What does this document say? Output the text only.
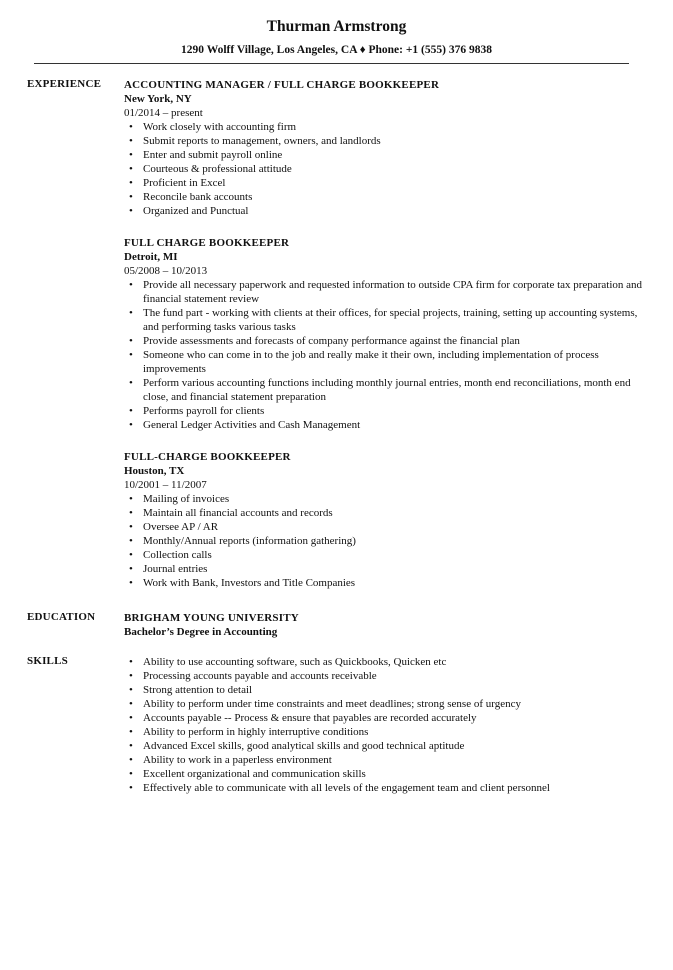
Thurman Armstrong
1290 Wolff Village, Los Angeles, CA ♦ Phone: +1 (555) 376 9838
EXPERIENCE ACCOUNTING MANAGER / FULL CHARGE BOOKKEEPER
New York, NY
01/2014 – present
• Work closely with accounting firm
• Submit reports to management, owners, and landlords
• Enter and submit payroll online
• Courteous & professional attitude
• Proficient in Excel
• Reconcile bank accounts
• Organized and Punctual
FULL CHARGE BOOKKEEPER
Detroit, MI
05/2008 – 10/2013
• Provide all necessary paperwork and requested information to outside CPA firm for corporate tax preparation and financial statement review
• The fund part - working with clients at their offices, for special projects, training, setting up accounting systems, and performing tasks various tasks
• Provide assessments and forecasts of company performance against the financial plan
• Someone who can come in to the job and really make it their own, including implementation of process improvements
• Perform various accounting functions including monthly journal entries, month end reconciliations, month end close, and financial statement preparation
• Performs payroll for clients
• General Ledger Activities and Cash Management
FULL-CHARGE BOOKKEEPER
Houston, TX
10/2001 – 11/2007
• Mailing of invoices
• Maintain all financial accounts and records
• Oversee AP / AR
• Monthly/Annual reports (information gathering)
• Collection calls
• Journal entries
• Work with Bank, Investors and Title Companies
EDUCATION	BRIGHAM YOUNG UNIVERSITY
Bachelor’s Degree in Accounting
SKILLS
•	Ability to use accounting software, such as Quickbooks, Quicken etc
• Processing accounts payable and accounts receivable
• Strong attention to detail
• Ability to perform under time constraints and meet deadlines; strong sense of urgency
• Accounts payable -- Process & ensure that payables are recorded accurately
• Ability to perform in highly interruptive conditions
• Advanced Excel skills, good analytical skills and good technical aptitude
• Ability to work in a paperless environment
• Excellent organizational and communication skills
• Effectively able to communicate with all levels of the engagement team and client personnel
